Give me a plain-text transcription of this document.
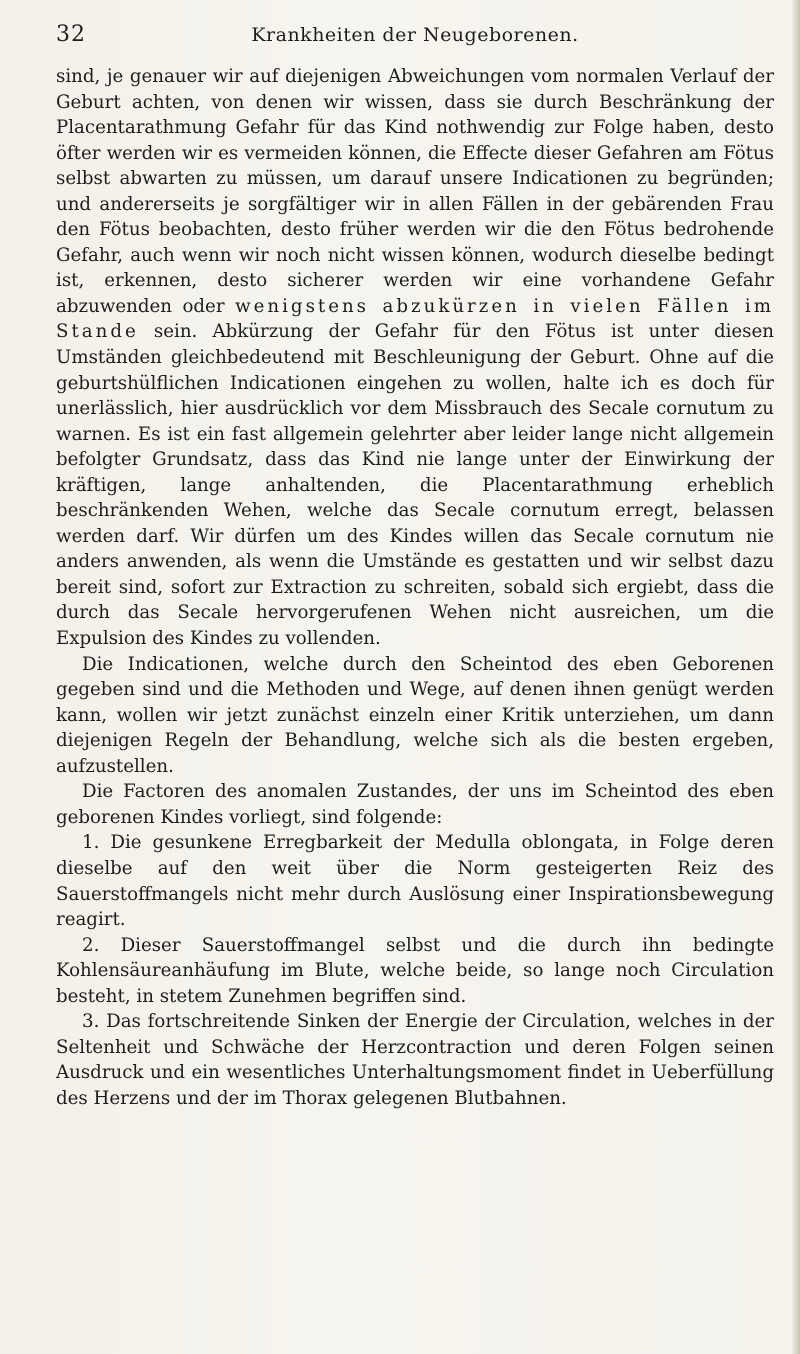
32	Krankheiten der Neugeborenen.

sind, je genauer wir auf diejenigen Abweichungen vom normalen Verlauf der Geburt achten, von denen wir wissen, dass sie durch Beschränkung der Placentarathmung Gefahr für das Kind nothwendig zur Folge haben, desto öfter werden wir es vermeiden können, die Effecte dieser Gefahren am Fötus selbst abwarten zu müssen, um darauf unsere Indicationen zu begründen; und andererseits je sorgfältiger wir in allen Fällen in der gebärenden Frau den Fötus beobachten, desto früher werden wir die den Fötus bedrohende Gefahr, auch wenn wir noch nicht wissen können, wodurch dieselbe bedingt ist, erkennen, desto sicherer werden wir eine vorhandene Gefahr abzuwenden oder wenigstens abzukürzen in vielen Fällen im Stande sein. Abkürzung der Gefahr für den Fötus ist unter diesen Umständen gleichbedeutend mit Beschleunigung der Geburt. Ohne auf die geburtshülflichen Indicationen eingehen zu wollen, halte ich es doch für unerlässlich, hier ausdrücklich vor dem Missbrauch des Secale cornutum zu warnen. Es ist ein fast allgemein gelehrter aber leider lange nicht allgemein befolgter Grundsatz, dass das Kind nie lange unter der Einwirkung der kräftigen, lange anhaltenden, die Placentarathmung erheblich beschränkenden Wehen, welche das Secale cornutum erregt, belassen werden darf. Wir dürfen um des Kindes willen das Secale cornutum nie anders anwenden, als wenn die Umstände es gestatten und wir selbst dazu bereit sind, sofort zur Extraction zu schreiten, sobald sich ergiebt, dass die durch das Secale hervorgerufenen Wehen nicht ausreichen, um die Expulsion des Kindes zu vollenden.

Die Indicationen, welche durch den Scheintod des eben Geborenen gegeben sind und die Methoden und Wege, auf denen ihnen genügt werden kann, wollen wir jetzt zunächst einzeln einer Kritik unterziehen, um dann diejenigen Regeln der Behandlung, welche sich als die besten ergeben, aufzustellen.

Die Factoren des anomalen Zustandes, der uns im Scheintod des eben geborenen Kindes vorliegt, sind folgende:

1. Die gesunkene Erregbarkeit der Medulla oblongata, in Folge deren dieselbe auf den weit über die Norm gesteigerten Reiz des Sauerstoffmangels nicht mehr durch Auslösung einer Inspirationsbewegung reagirt.

2. Dieser Sauerstoffmangel selbst und die durch ihn bedingte Kohlensäureanhäufung im Blute, welche beide, so lange noch Circulation besteht, in stetem Zunehmen begriffen sind.

3. Das fortschreitende Sinken der Energie der Circulation, welches in der Seltenheit und Schwäche der Herzcontraction und deren Folgen seinen Ausdruck und ein wesentliches Unterhaltungsmoment findet in Ueberfüllung des Herzens und der im Thorax gelegenen Blutbahnen.
